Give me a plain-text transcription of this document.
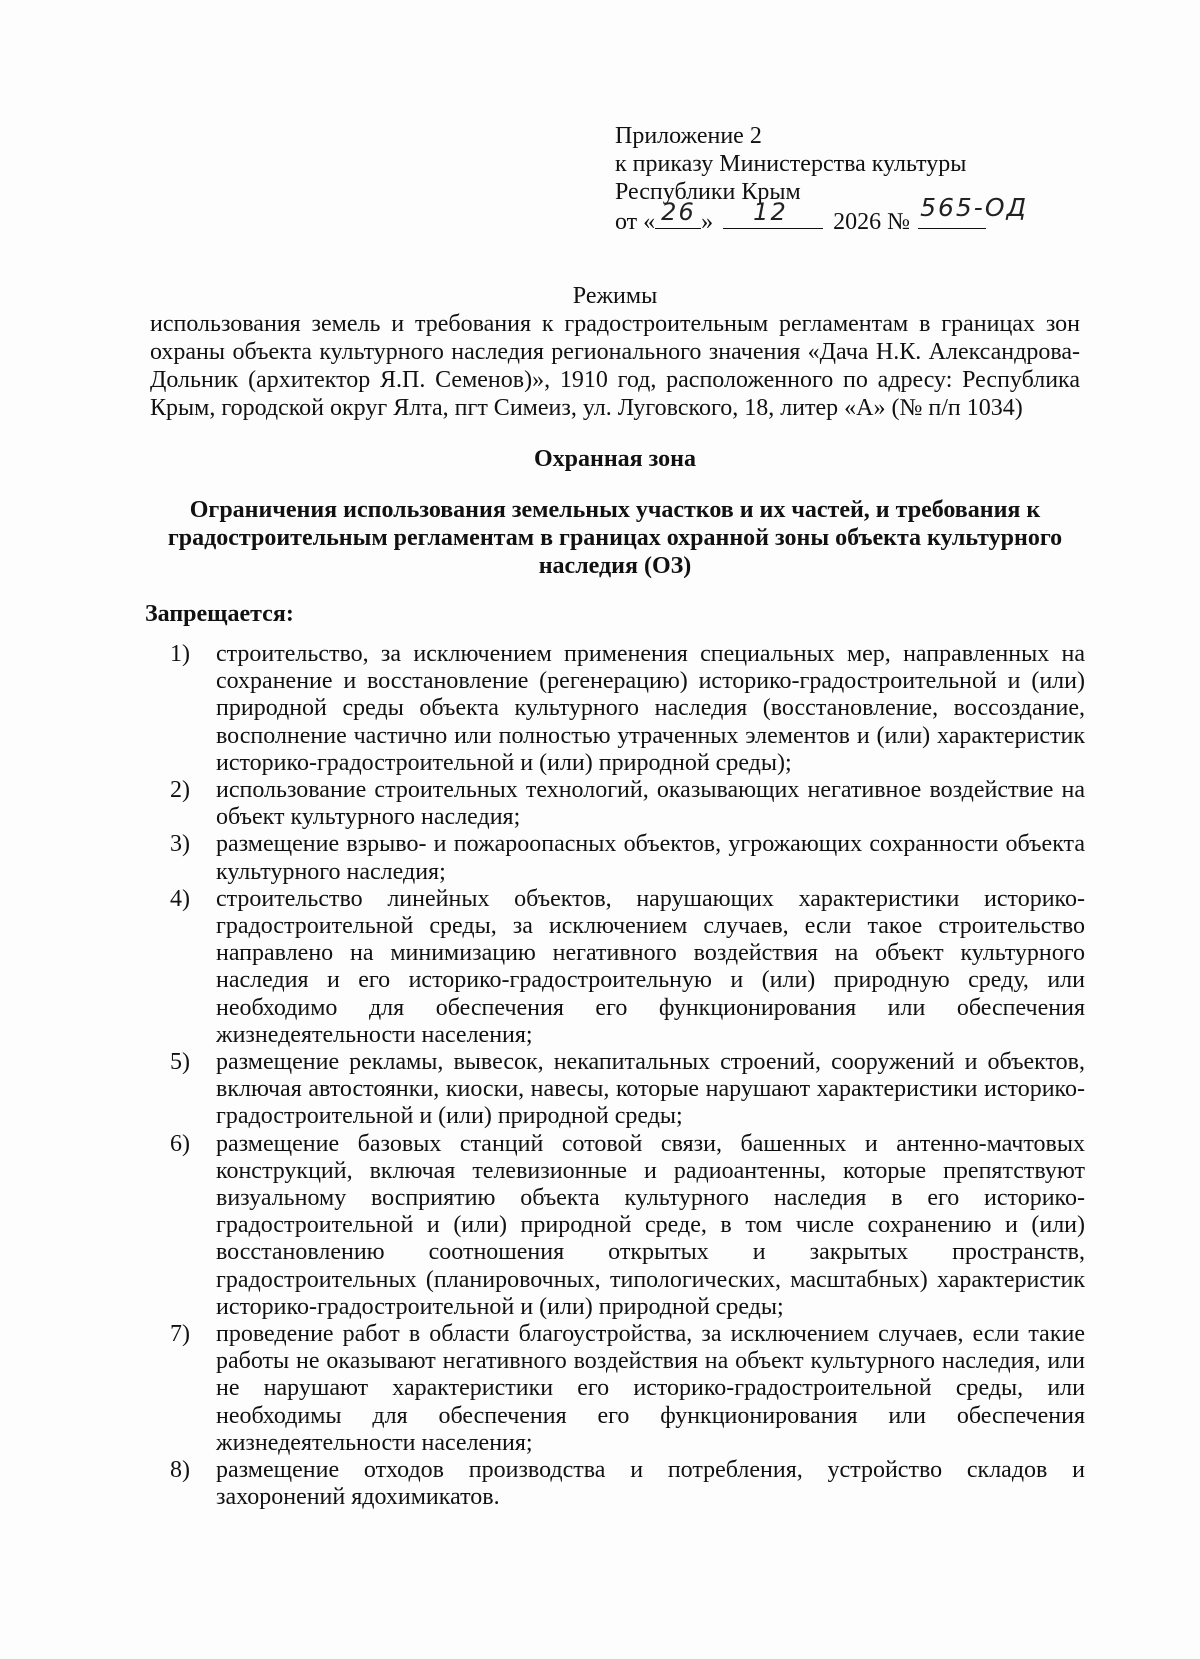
Приложение 2
к приказу Министерства культуры
Республики Крым
от « 26 » 12 2026 № 565-ОД
Режимы
использования земель и требования к градостроительным регламентам в границах зон охраны объекта культурного наследия регионального значения «Дача Н.К. Александрова-Дольник (архитектор Я.П. Семенов)», 1910 год, расположенного по адресу: Республика Крым, городской округ Ялта, пгт Симеиз, ул. Луговского, 18, литер «А» (№ п/п 1034)
Охранная зона
Ограничения использования земельных участков и их частей, и требования к градостроительным регламентам в границах охранной зоны объекта культурного наследия (ОЗ)
Запрещается:
1) строительство, за исключением применения специальных мер, направленных на сохранение и восстановление (регенерацию) историко-градостроительной и (или) природной среды объекта культурного наследия (восстановление, воссоздание, восполнение частично или полностью утраченных элементов и (или) характеристик историко-градостроительной и (или) природной среды);
2) использование строительных технологий, оказывающих негативное воздействие на объект культурного наследия;
3) размещение взрыво- и пожароопасных объектов, угрожающих сохранности объекта культурного наследия;
4) строительство линейных объектов, нарушающих характеристики историко-градостроительной среды, за исключением случаев, если такое строительство направлено на минимизацию негативного воздействия на объект культурного наследия и его историко-градостроительную и (или) природную среду, или необходимо для обеспечения его функционирования или обеспечения жизнедеятельности населения;
5) размещение рекламы, вывесок, некапитальных строений, сооружений и объектов, включая автостоянки, киоски, навесы, которые нарушают характеристики историко-градостроительной и (или) природной среды;
6) размещение базовых станций сотовой связи, башенных и антенно-мачтовых конструкций, включая телевизионные и радиоантенны, которые препятствуют визуальному восприятию объекта культурного наследия в его историко-градостроительной и (или) природной среде, в том числе сохранению и (или) восстановлению соотношения открытых и закрытых пространств, градостроительных (планировочных, типологических, масштабных) характеристик историко-градостроительной и (или) природной среды;
7) проведение работ в области благоустройства, за исключением случаев, если такие работы не оказывают негативного воздействия на объект культурного наследия, или не нарушают характеристики его историко-градостроительной среды, или необходимы для обеспечения его функционирования или обеспечения жизнедеятельности населения;
8) размещение отходов производства и потребления, устройство складов и захоронений ядохимикатов.
